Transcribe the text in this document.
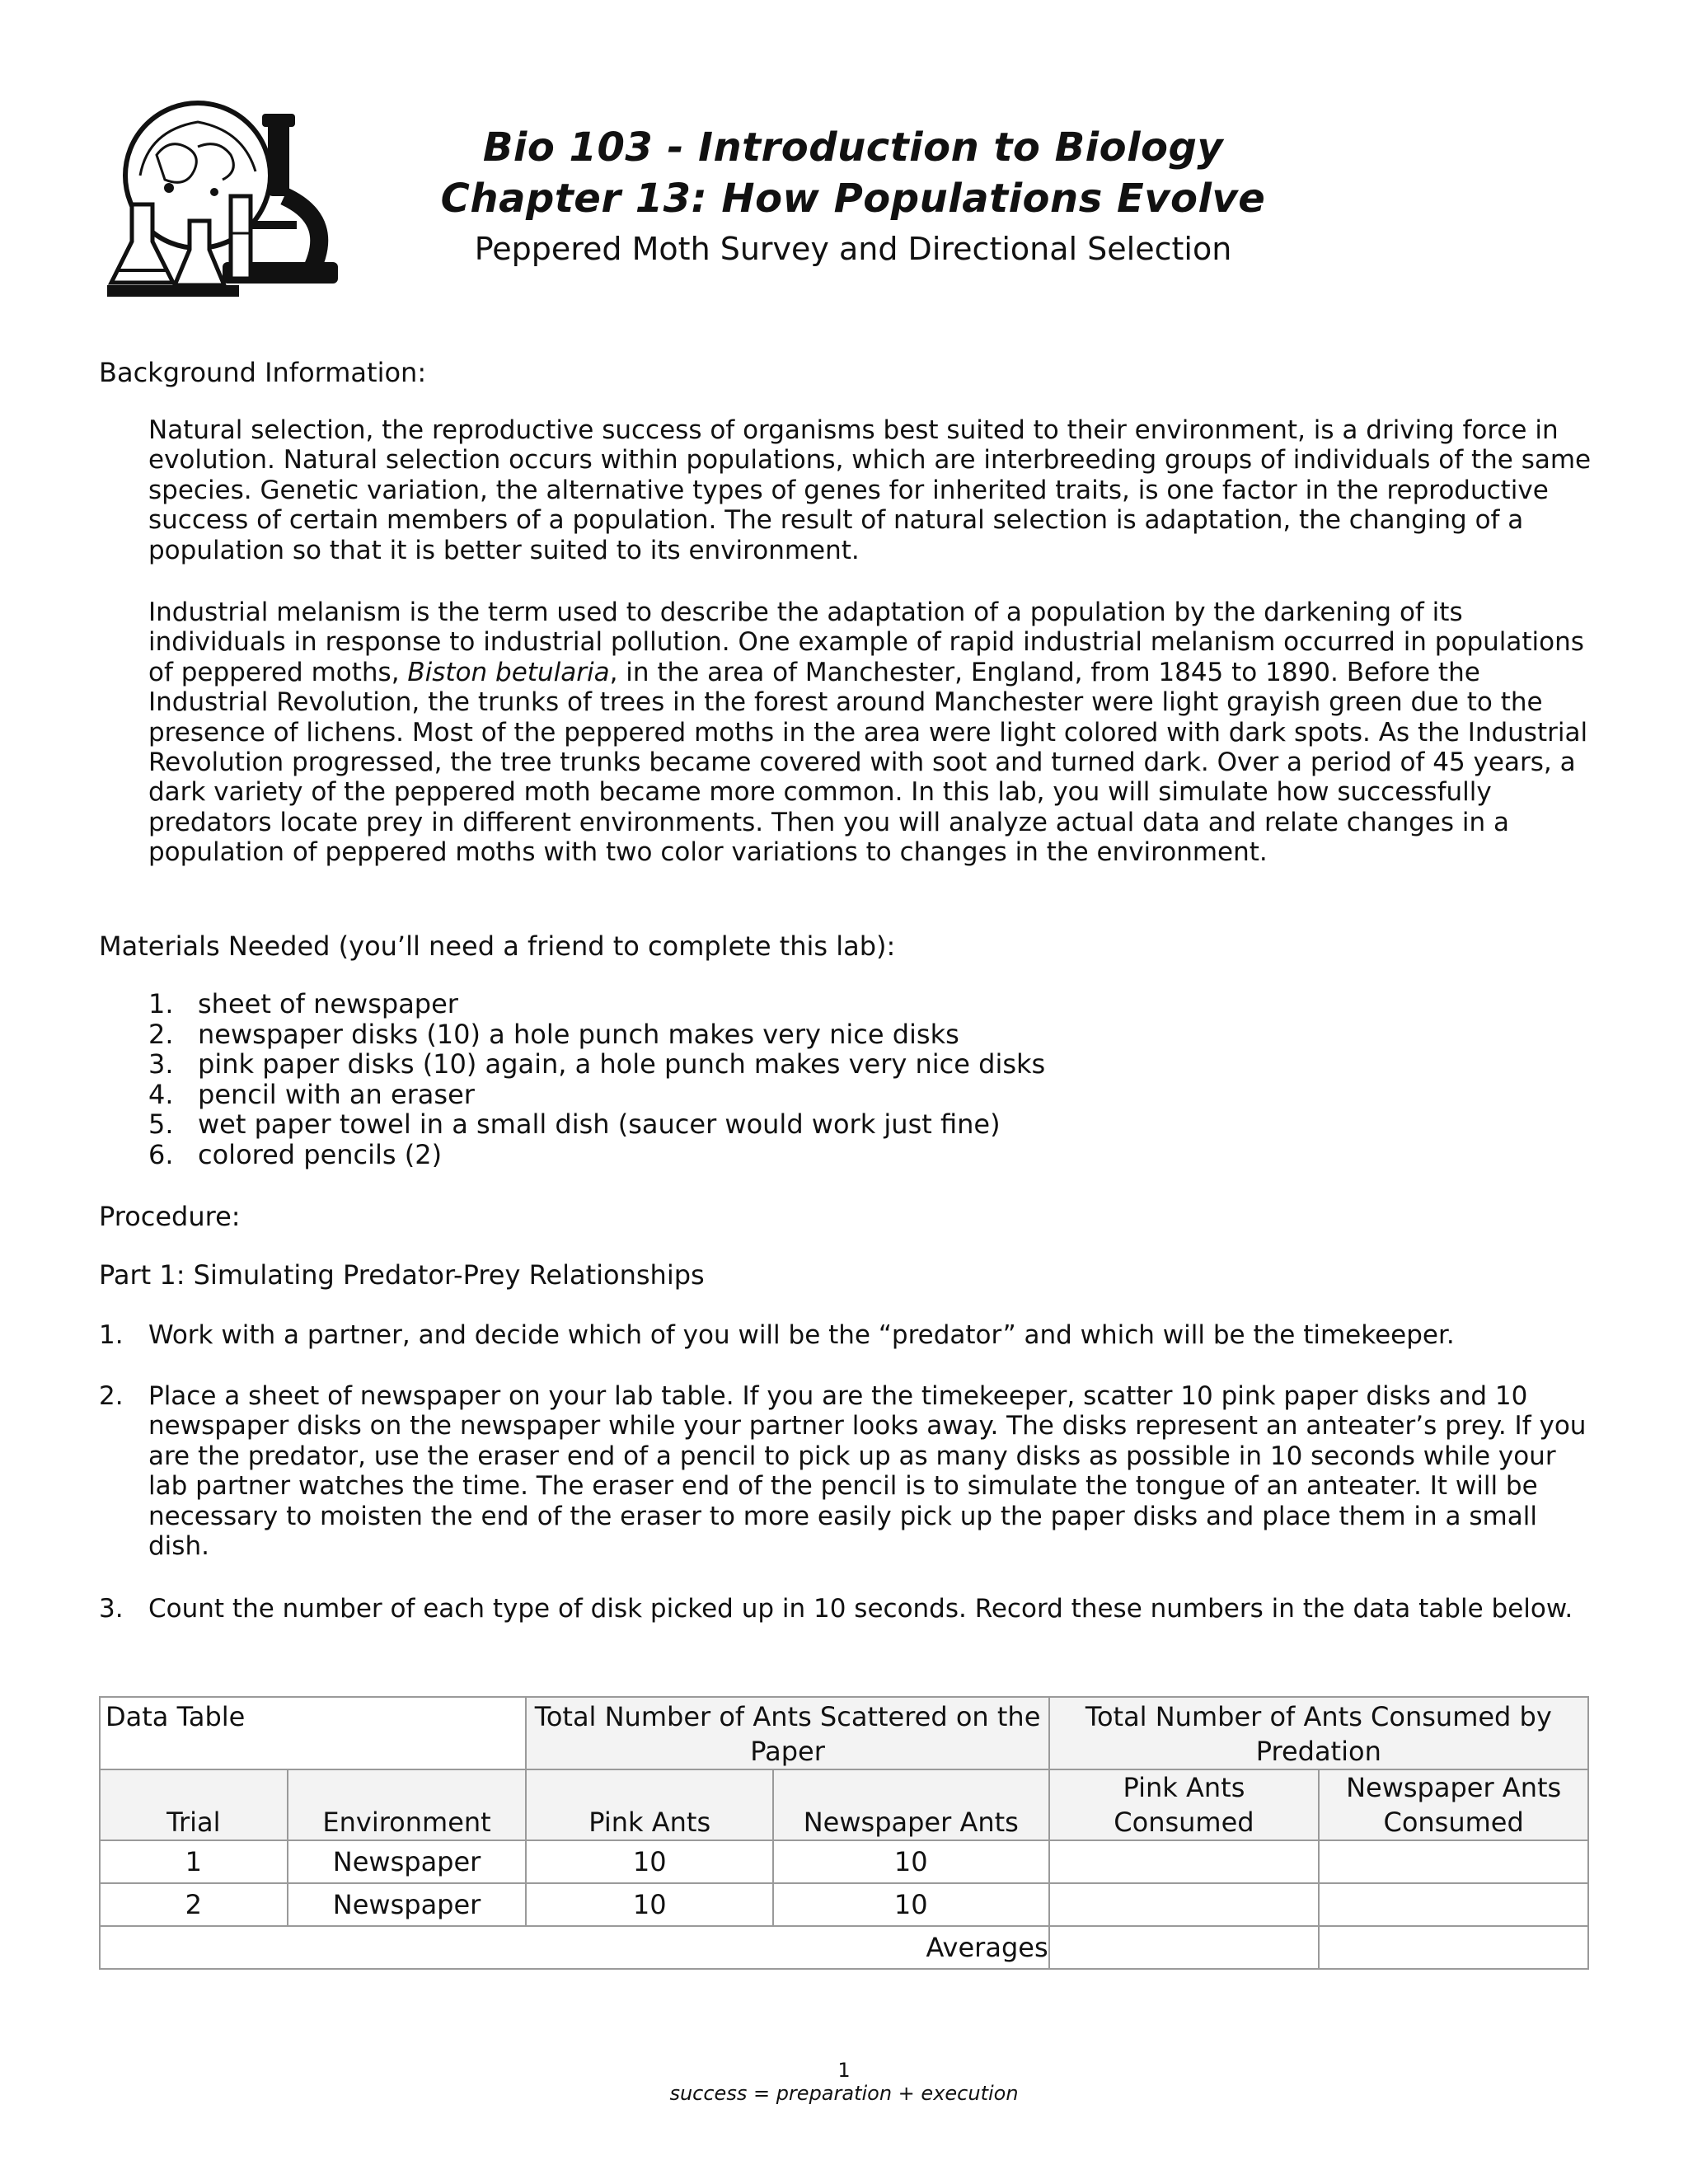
Bio 103 - Introduction to Biology
Chapter 13: How Populations Evolve
Peppered Moth Survey and Directional Selection
Background Information:
Natural selection, the reproductive success of organisms best suited to their environment, is a driving force in evolution. Natural selection occurs within populations, which are interbreeding groups of individuals of the same species. Genetic variation, the alternative types of genes for inherited traits, is one factor in the reproductive success of certain members of a population. The result of natural selection is adaptation, the changing of a population so that it is better suited to its environment.
Industrial melanism is the term used to describe the adaptation of a population by the darkening of its individuals in response to industrial pollution. One example of rapid industrial melanism occurred in populations of peppered moths, Biston betularia, in the area of Manchester, England, from 1845 to 1890. Before the Industrial Revolution, the trunks of trees in the forest around Manchester were light grayish green due to the presence of lichens. Most of the peppered moths in the area were light colored with dark spots. As the Industrial Revolution progressed, the tree trunks became covered with soot and turned dark. Over a period of 45 years, a dark variety of the peppered moth became more common. In this lab, you will simulate how successfully predators locate prey in different environments. Then you will analyze actual data and relate changes in a population of peppered moths with two color variations to changes in the environment.
Materials Needed (you’ll need a friend to complete this lab):
1. sheet of newspaper
2. newspaper disks (10) a hole punch makes very nice disks
3. pink paper disks (10) again, a hole punch makes very nice disks
4. pencil with an eraser
5. wet paper towel in a small dish (saucer would work just fine)
6. colored pencils (2)
Procedure:
Part 1: Simulating Predator-Prey Relationships
1. Work with a partner, and decide which of you will be the “predator” and which will be the timekeeper.
2. Place a sheet of newspaper on your lab table. If you are the timekeeper, scatter 10 pink paper disks and 10 newspaper disks on the newspaper while your partner looks away. The disks represent an anteater’s prey. If you are the predator, use the eraser end of a pencil to pick up as many disks as possible in 10 seconds while your lab partner watches the time. The eraser end of the pencil is to simulate the tongue of an anteater. It will be necessary to moisten the end of the eraser to more easily pick up the paper disks and place them in a small dish.
3. Count the number of each type of disk picked up in 10 seconds. Record these numbers in the data table below.
Data Table		Total Number of Ants Scattered on the Paper		Total Number of Ants Consumed by Predation	
Trial	Environment	Pink Ants	Newspaper Ants	Pink Ants Consumed	Newspaper Ants Consumed
1	Newspaper	10	10		
2	Newspaper	10	10		
Averages					
1
success = preparation + execution
